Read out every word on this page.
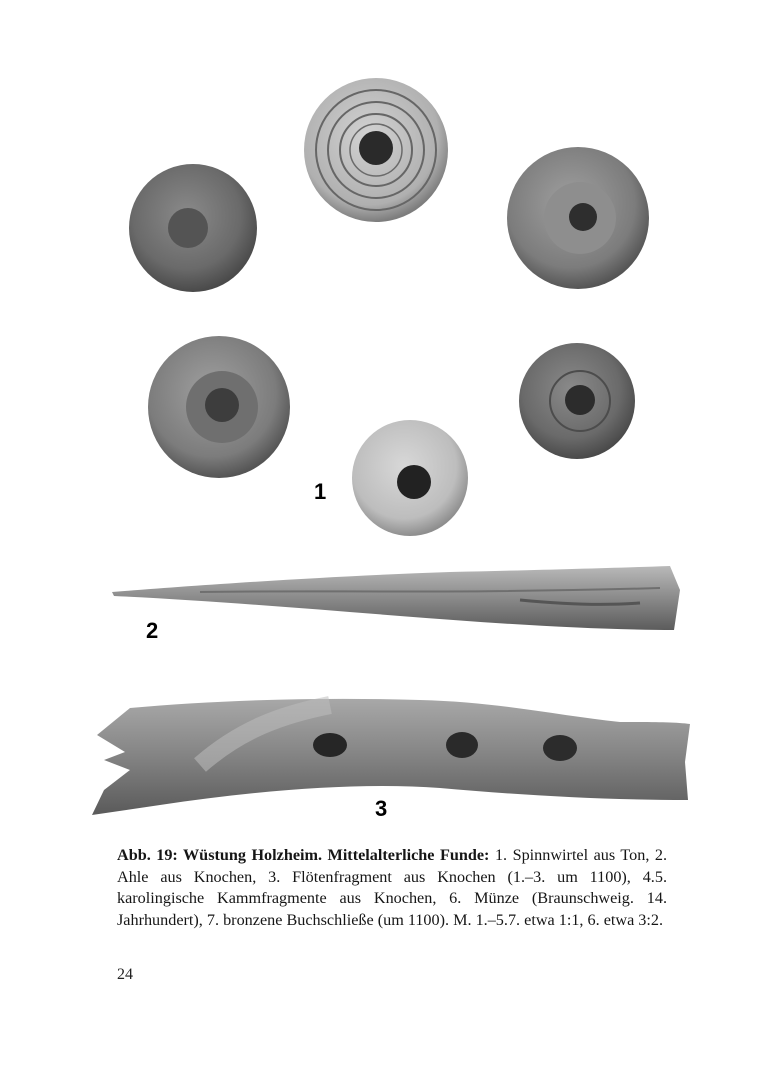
1
2
3
Abb. 19: Wüstung Holzheim. Mittelalterliche Funde: 1. Spinnwirtel aus Ton, 2. Ahle aus Knochen, 3. Flötenfragment aus Knochen (1.–3. um 1100), 4.5. karolingische Kammfragmente aus Knochen, 6. Münze (Braunschweig. 14. Jahrhundert), 7. bronzene Buchschließe (um 1100). M. 1.–5.7. etwa 1:1, 6. etwa 3:2.
24
